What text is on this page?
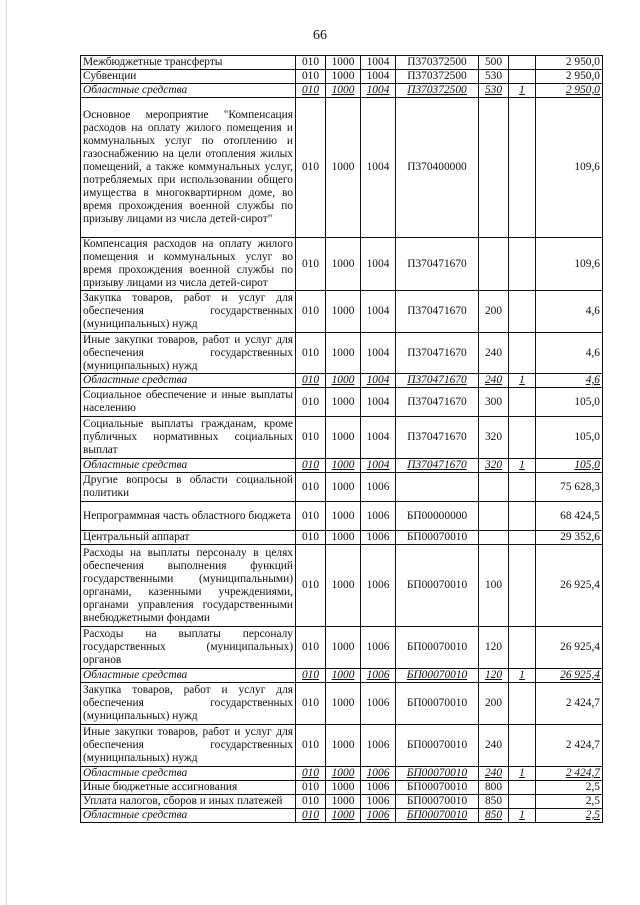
66
Межбюджетные трансферты	010	1000	1004	П370372500	500		2 950,0
Субвенции	010	1000	1004	П370372500	530		2 950,0
Областные средства	010	1000	1004	П370372500	530	1	2 950,0
Основное мероприятие "Компенсация расходов на оплату жилого помещения и коммунальных услуг по отоплению и газоснабжению на цели отопления жилых помещений, а также коммунальных услуг, потребляемых при использовании общего имущества в многоквартирном доме, во время прохождения военной службы по призыву лицами из числа детей-сирот"	010	1000	1004	П370400000			109,6
Компенсация расходов на оплату жилого помещения и коммунальных услуг во время прохождения военной службы по призыву лицами из числа детей-сирот	010	1000	1004	П370471670			109,6
Закупка товаров, работ и услуг для обеспечения государственных (муниципальных) нужд	010	1000	1004	П370471670	200		4,6
Иные закупки товаров, работ и услуг для обеспечения государственных (муниципальных) нужд	010	1000	1004	П370471670	240		4,6
Областные средства	010	1000	1004	П370471670	240	1	4,6
Социальное обеспечение и иные выплаты населению	010	1000	1004	П370471670	300		105,0
Социальные выплаты гражданам, кроме публичных нормативных социальных выплат	010	1000	1004	П370471670	320		105,0
Областные средства	010	1000	1004	П370471670	320	1	105,0
Другие вопросы в области социальной политики	010	1000	1006				75 628,3
Непрограммная часть областного бюджета	010	1000	1006	БП00000000			68 424,5
Центральный аппарат	010	1000	1006	БП00070010			29 352,6
Расходы на выплаты персоналу в целях обеспечения выполнения функций государственными (муниципальными) органами, казенными учреждениями, органами управления государственными внебюджетными фондами	010	1000	1006	БП00070010	100		26 925,4
Расходы на выплаты персоналу государственных (муниципальных) органов	010	1000	1006	БП00070010	120		26 925,4
Областные средства	010	1000	1006	БП00070010	120	1	26 925,4
Закупка товаров, работ и услуг для обеспечения государственных (муниципальных) нужд	010	1000	1006	БП00070010	200		2 424,7
Иные закупки товаров, работ и услуг для обеспечения государственных (муниципальных) нужд	010	1000	1006	БП00070010	240		2 424,7
Областные средства	010	1000	1006	БП00070010	240	1	2 424,7
Иные бюджетные ассигнования	010	1000	1006	БП00070010	800		2,5
Уплата налогов, сборов и иных платежей	010	1000	1006	БП00070010	850		2,5
Областные средства	010	1000	1006	БП00070010	850	1	2,5
